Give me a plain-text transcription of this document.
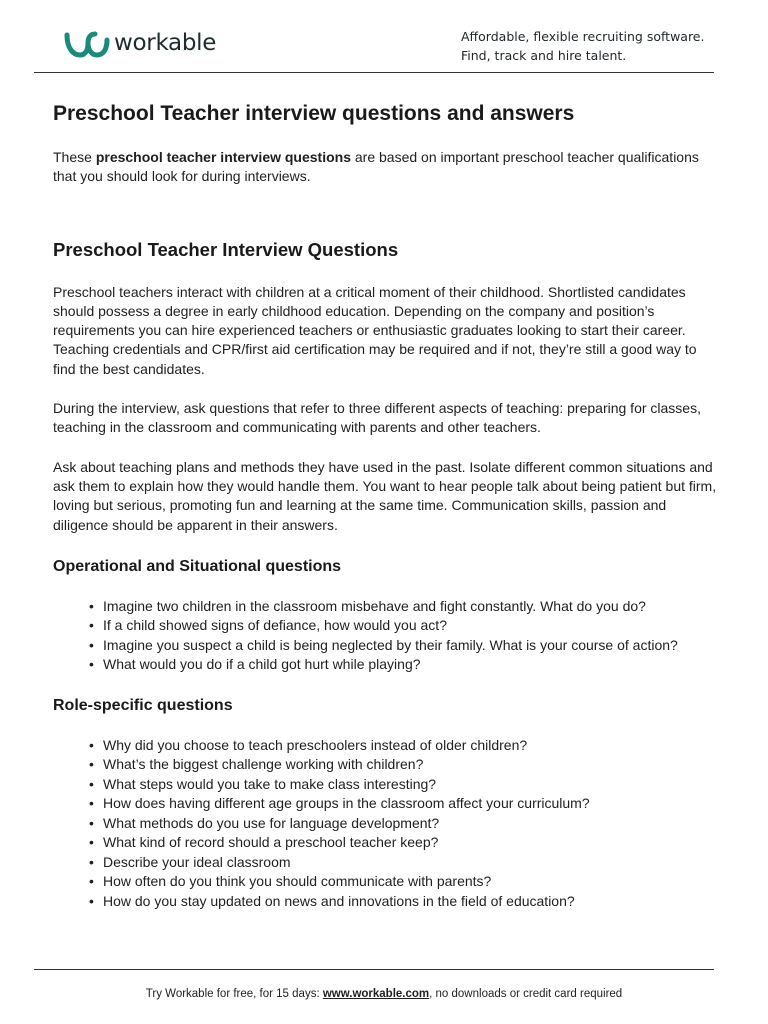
workable	Affordable, flexible recruiting software.
Find, track and hire talent.
Preschool Teacher interview questions and answers

These preschool teacher interview questions are based on important preschool teacher qualifications that you should look for during interviews.

Preschool Teacher Interview Questions

Preschool teachers interact with children at a critical moment of their childhood. Shortlisted candidates should possess a degree in early childhood education. Depending on the company and position’s requirements you can hire experienced teachers or enthusiastic graduates looking to start their career. Teaching credentials and CPR/first aid certification may be required and if not, they’re still a good way to find the best candidates.

During the interview, ask questions that refer to three different aspects of teaching: preparing for classes, teaching in the classroom and communicating with parents and other teachers.

Ask about teaching plans and methods they have used in the past. Isolate different common situations and ask them to explain how they would handle them. You want to hear people talk about being patient but firm, loving but serious, promoting fun and learning at the same time. Communication skills, passion and diligence should be apparent in their answers.

Operational and Situational questions
• Imagine two children in the classroom misbehave and fight constantly. What do you do?
• If a child showed signs of defiance, how would you act?
• Imagine you suspect a child is being neglected by their family. What is your course of action?
• What would you do if a child got hurt while playing?
Role-specific questions
• Why did you choose to teach preschoolers instead of older children?
• What’s the biggest challenge working with children?
• What steps would you take to make class interesting?
• How does having different age groups in the classroom affect your curriculum?
• What methods do you use for language development?
• What kind of record should a preschool teacher keep?
• Describe your ideal classroom
• How often do you think you should communicate with parents?
• How do you stay updated on news and innovations in the field of education?
Try Workable for free, for 15 days: www.workable.com, no downloads or credit card required
